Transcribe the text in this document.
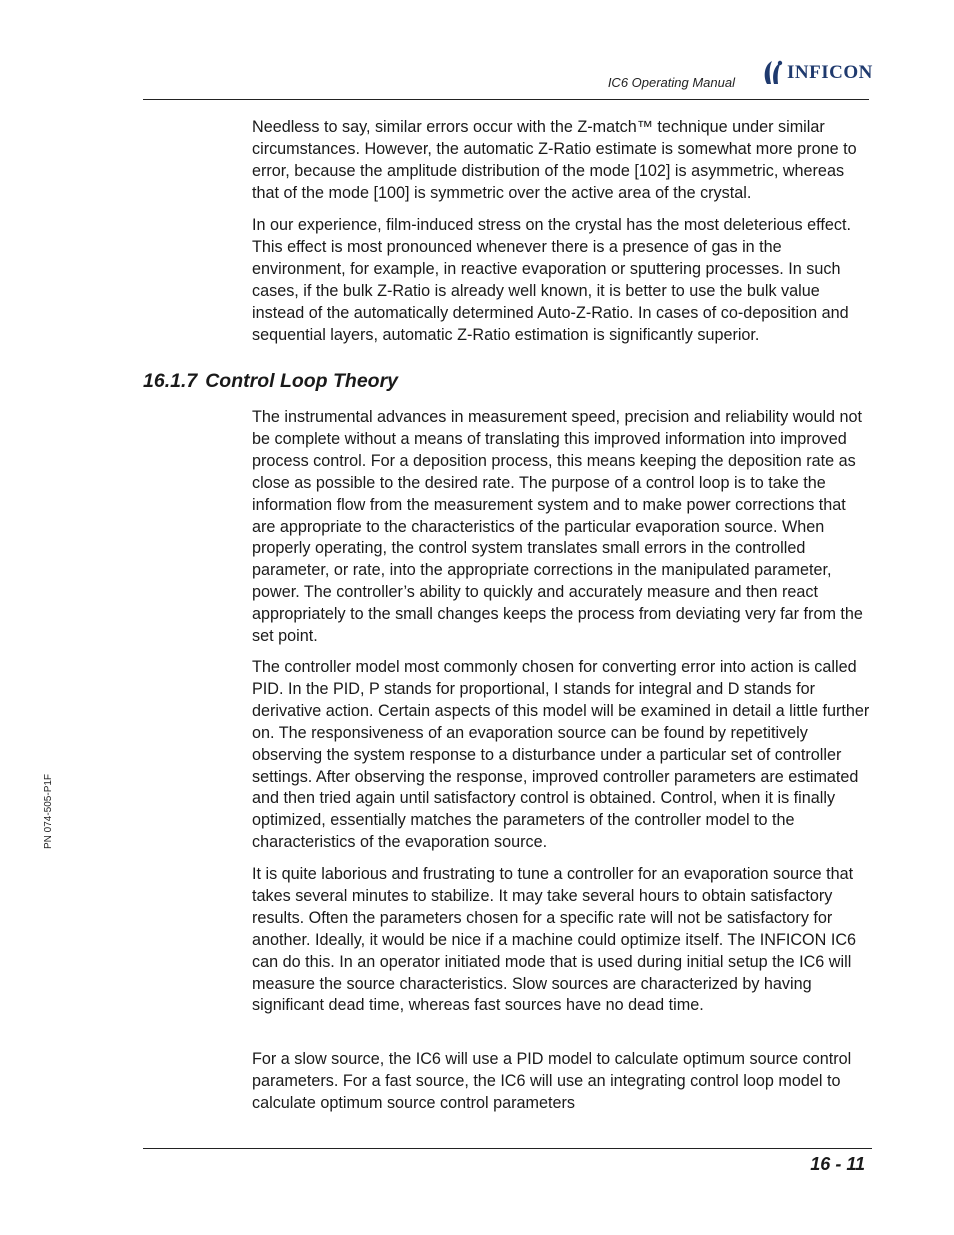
IC6 Operating Manual	INFICON

Needless to say, similar errors occur with the Z-match™ technique under similar circumstances. However, the automatic Z-Ratio estimate is somewhat more prone to error, because the amplitude distribution of the mode [102] is asymmetric, whereas that of the mode [100] is symmetric over the active area of the crystal.

In our experience, film-induced stress on the crystal has the most deleterious effect. This effect is most pronounced whenever there is a presence of gas in the environment, for example, in reactive evaporation or sputtering processes. In such cases, if the bulk Z-Ratio is already well known, it is better to use the bulk value instead of the automatically determined Auto-Z-Ratio. In cases of co-deposition and sequential layers, automatic Z-Ratio estimation is significantly superior.

16.1.7 Control Loop Theory

The instrumental advances in measurement speed, precision and reliability would not be complete without a means of translating this improved information into improved process control. For a deposition process, this means keeping the deposition rate as close as possible to the desired rate. The purpose of a control loop is to take the information flow from the measurement system and to make power corrections that are appropriate to the characteristics of the particular evaporation source. When properly operating, the control system translates small errors in the controlled parameter, or rate, into the appropriate corrections in the manipulated parameter, power. The controller’s ability to quickly and accurately measure and then react appropriately to the small changes keeps the process from deviating very far from the set point.

The controller model most commonly chosen for converting error into action is called PID. In the PID, P stands for proportional, I stands for integral and D stands for derivative action. Certain aspects of this model will be examined in detail a little further on. The responsiveness of an evaporation source can be found by repetitively observing the system response to a disturbance under a particular set of controller settings. After observing the response, improved controller parameters are estimated and then tried again until satisfactory control is obtained. Control, when it is finally optimized, essentially matches the parameters of the controller model to the characteristics of the evaporation source.

It is quite laborious and frustrating to tune a controller for an evaporation source that takes several minutes to stabilize. It may take several hours to obtain satisfactory results. Often the parameters chosen for a specific rate will not be satisfactory for another. Ideally, it would be nice if a machine could optimize itself. The INFICON IC6 can do this. In an operator initiated mode that is used during initial setup the IC6 will measure the source characteristics. Slow sources are characterized by having significant dead time, whereas fast sources have no dead time.

For a slow source, the IC6 will use a PID model to calculate optimum source control parameters. For a fast source, the IC6 will use an integrating control loop model to calculate optimum source control parameters

PN 074-505-P1F
16 - 11
